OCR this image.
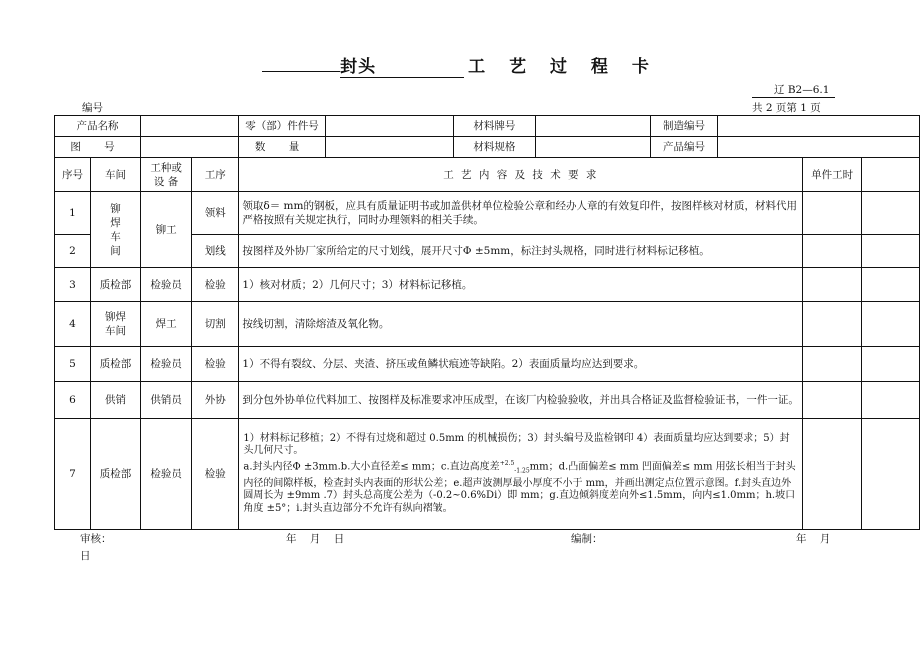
封头	工 艺 过 程 卡
辽 B2—6.1
编号	共 2 页第 1 页
产品名称				零（部）件件号		材料牌号		制造编号			
图 号				数 量		材料规格		产品编号			
序号	车间	工种或
设 备	工序	工 艺 内 容 及 技 术 要 求						单件工时	
1	铆
焊
车
间	铆工	领料	领取δ＝ mm的钢板，应具有质量证明书或加盖供材单位检验公章和经办人章的有效复印件，按图样核对材质，材料代用严格按照有关规定执行，同时办理领料的相关手续。							
2			划线	按图样及外协厂家所给定的尺寸划线，展开尺寸Φ ±5mm，标注封头规格，同时进行材料标记移植。							
3	质检部	检验员	检验	1）核对材质；2）几何尺寸；3）材料标记移植。							
4	铆焊
车间	焊工	切割	按线切割，清除熔渣及氧化物。							
5	质检部	检验员	检验	1）不得有裂纹、分层、夹渣、挤压或鱼鳞状痕迹等缺陷。2）表面质量均应达到要求。							
6	供销	供销员	外协	到分包外协单位代料加工、按图样及标准要求冲压成型，在该厂内检验验收，并出具合格证及监督检验证书，一件一证。							
7	质检部	检验员	检验	1）材料标记移植；2）不得有过烧和超过 0.5mm 的机械损伤；3）封头编号及监检钢印 4）表面质量均应达到要求；5）封头几何尺寸。
a.封头内径Φ ±3mm.b.大小直径差≤ mm；c.直边高度差$^{+2.5}_{-1.25}$mm；d.凸面偏差≤ mm 凹面偏差≤ mm 用弦长相当于封头内径的间隙样板，检查封头内表面的形状公差；e.超声波测厚最小厚度不小于 mm，并画出测定点位置示意图。f.封头直边外圆周长为 ±9mm .7）封头总高度公差为（-0.2~0.6%Di）即 mm；g.直边倾斜度差向外≤1.5mm，向内≤1.0mm；h.坡口角度 ±5°；i.封头直边部分不允许有纵向褶皱。							

审核：	年    月    日	编制：	年    月
日
